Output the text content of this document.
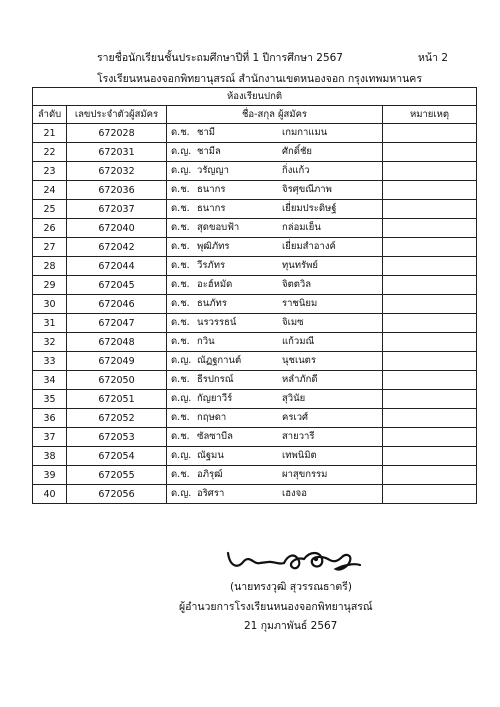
รายชื่อนักเรียนชั้นประถมศึกษาปีที่ 1 ปีการศึกษา 2567	หน้า 2
โรงเรียนหนองจอกพิทยานุสรณ์ สำนักงานเขตหนองจอก กรุงเทพมหานคร
ห้องเรียนปกติ			
ลำดับ	เลขประจำตัวผู้สมัคร	ชื่อ-สกุล ผู้สมัคร	หมายเหตุ
21	672028	ด.ช. ชามี เกมกาแมน	

22	672031	ด.ญ. ชามีล ศักดิ์ชัย	

23	672032	ด.ญ. วรัญญา กิ่งแก้ว	

24	672036	ด.ช. ธนากร จิรศุขณีภาพ	

25	672037	ด.ช. ธนากร เยี่ยมประดิษฐ์	

26	672040	ด.ช. สุดขอบฟ้า กล่อมเย็น	

27	672042	ด.ช. พุฒิภัทร เยี่ยมสำอางค์	

28	672044	ด.ช. วีรภัทร ทุนทรัพย์	

29	672045	ด.ช. อะฮ์หมัด จิตตวิล	

30	672046	ด.ช. ธนภัทร ราชนิยม	

31	672047	ด.ช. นรวรรธน์ จิเมซ	

32	672048	ด.ช. กวิน แก้วมณี	

33	672049	ด.ญ. ณัฏฐกานต์ นุชเนตร	

34	672050	ด.ช. ธีรปกรณ์ หลำภักดี	

35	672051	ด.ญ. กัญยาวีร์ สุวินัย	

36	672052	ด.ช. กฤษดา ครเวศ์	

37	672053	ด.ช. ซัลซาบีล สายวารี	

38	672054	ด.ญ. ณัฐมน เทพนิมิต	

39	672055	ด.ช. อภิรุฒ์ ผาสุขกรรม	

40	672056	ด.ญ. อริศรา เฮงจอ	

(นายทรงวุฒิ สุวรรณธาตรี)
ผู้อำนวยการโรงเรียนหนองจอกพิทยานุสรณ์
21 กุมภาพันธ์ 2567
